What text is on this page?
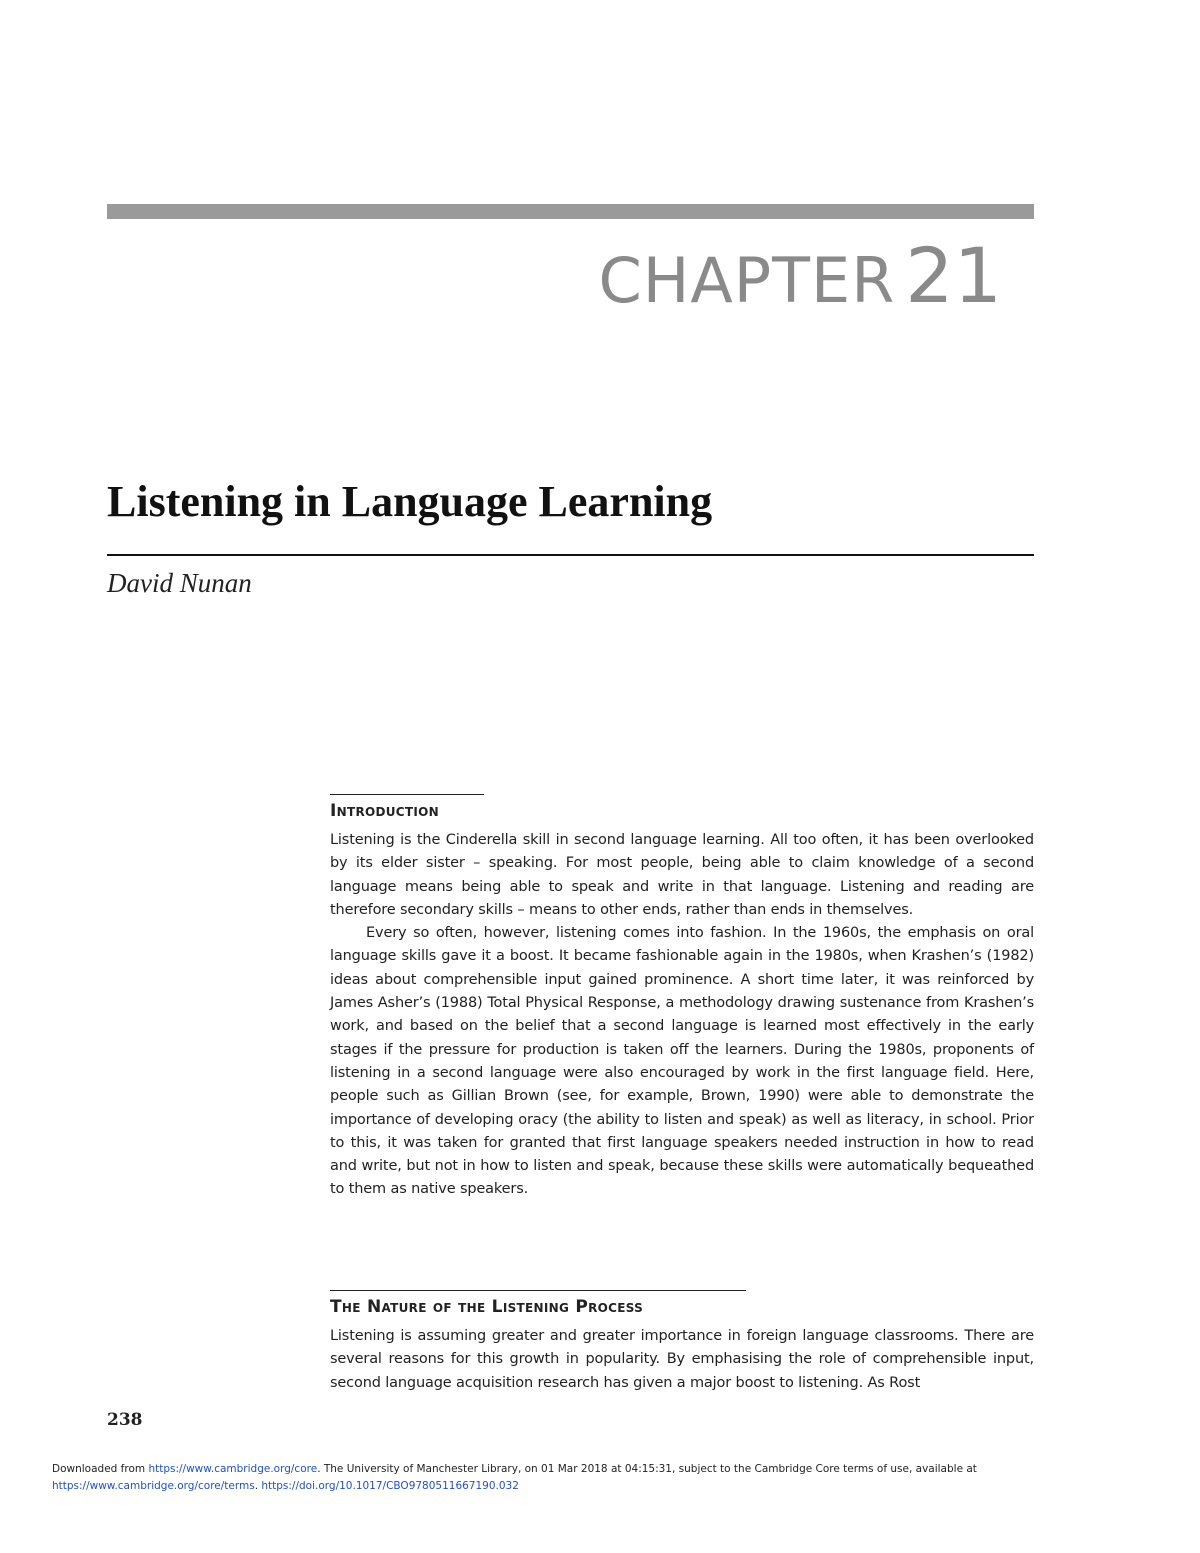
CHAPTER 21
Listening in Language Learning
David Nunan
Introduction

Listening is the Cinderella skill in second language learning. All too often, it has been overlooked by its elder sister – speaking. For most people, being able to claim knowledge of a second language means being able to speak and write in that language. Listening and reading are therefore secondary skills – means to other ends, rather than ends in themselves.

Every so often, however, listening comes into fashion. In the 1960s, the emphasis on oral language skills gave it a boost. It became fashionable again in the 1980s, when Krashen’s (1982) ideas about comprehensible input gained prominence. A short time later, it was reinforced by James Asher’s (1988) Total Physical Response, a methodology drawing sustenance from Krashen’s work, and based on the belief that a second language is learned most effectively in the early stages if the pressure for production is taken off the learners. During the 1980s, proponents of listening in a second language were also encouraged by work in the first language field. Here, people such as Gillian Brown (see, for example, Brown, 1990) were able to demonstrate the importance of developing oracy (the ability to listen and speak) as well as literacy, in school. Prior to this, it was taken for granted that first language speakers needed instruction in how to read and write, but not in how to listen and speak, because these skills were automatically bequeathed to them as native speakers.

The Nature of the Listening Process

Listening is assuming greater and greater importance in foreign language classrooms. There are several reasons for this growth in popularity. By emphasising the role of comprehensible input, second language acquisition research has given a major boost to listening. As Rost

238
Downloaded from https://www.cambridge.org/core. The University of Manchester Library, on 01 Mar 2018 at 04:15:31, subject to the Cambridge Core terms of use, available at
https://www.cambridge.org/core/terms. https://doi.org/10.1017/CBO9780511667190.032
